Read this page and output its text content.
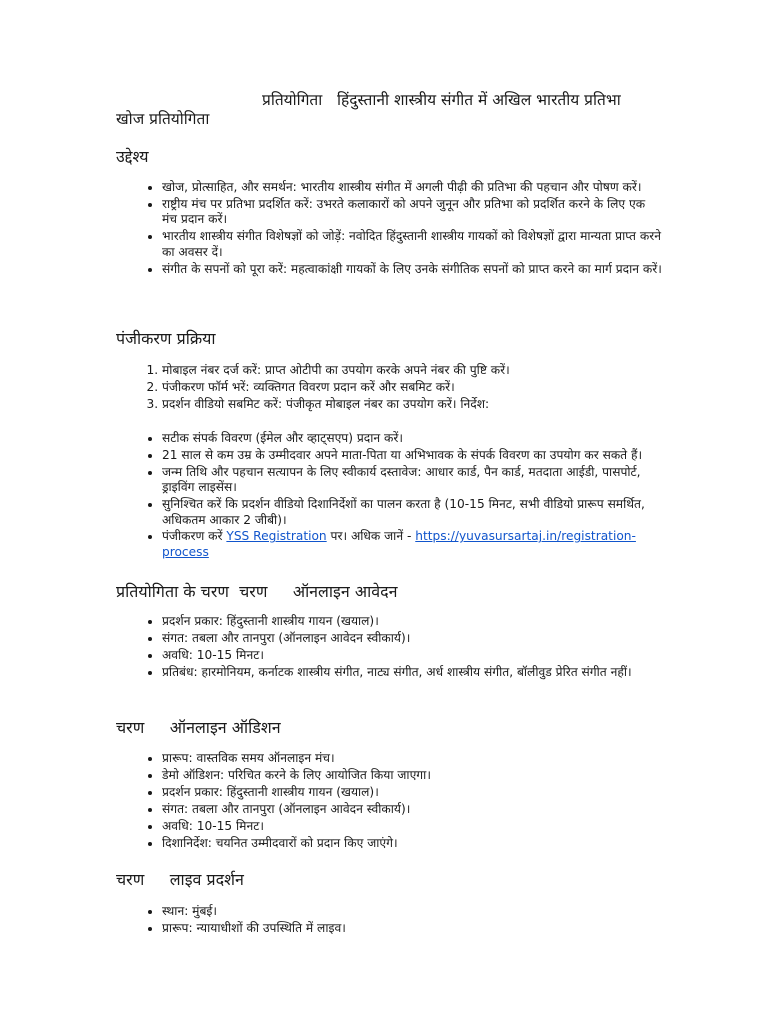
प्रतियोगिता   हिंदुस्तानी शास्त्रीय संगीत में अखिल भारतीय प्रतिभा
खोज प्रतियोगिता
उद्देश्य
• खोज, प्रोत्साहित, और समर्थन: भारतीय शास्त्रीय संगीत में अगली पीढ़ी की प्रतिभा की पहचान और पोषण करें।
• राष्ट्रीय मंच पर प्रतिभा प्रदर्शित करें: उभरते कलाकारों को अपने जुनून और प्रतिभा को प्रदर्शित करने के लिए एक मंच प्रदान करें।
• भारतीय शास्त्रीय संगीत विशेषज्ञों को जोड़ें: नवोदित हिंदुस्तानी शास्त्रीय गायकों को विशेषज्ञों द्वारा मान्यता प्राप्त करने का अवसर दें।
• संगीत के सपनों को पूरा करें: महत्वाकांक्षी गायकों के लिए उनके संगीतिक सपनों को प्राप्त करने का मार्ग प्रदान करें।
पंजीकरण प्रक्रिया
1. मोबाइल नंबर दर्ज करें: प्राप्त ओटीपी का उपयोग करके अपने नंबर की पुष्टि करें।
2. पंजीकरण फॉर्म भरें: व्यक्तिगत विवरण प्रदान करें और सबमिट करें।
3. प्रदर्शन वीडियो सबमिट करें: पंजीकृत मोबाइल नंबर का उपयोग करें। निर्देश:
• सटीक संपर्क विवरण (ईमेल और व्हाट्सएप) प्रदान करें।
• 21 साल से कम उम्र के उम्मीदवार अपने माता-पिता या अभिभावक के संपर्क विवरण का उपयोग कर सकते हैं।
• जन्म तिथि और पहचान सत्यापन के लिए स्वीकार्य दस्तावेज: आधार कार्ड, पैन कार्ड, मतदाता आईडी, पासपोर्ट, ड्राइविंग लाइसेंस।
• सुनिश्चित करें कि प्रदर्शन वीडियो दिशानिर्देशों का पालन करता है (10-15 मिनट, सभी वीडियो प्रारूप समर्थित, अधिकतम आकार 2 जीबी)।
• पंजीकरण करें YSS Registration पर। अधिक जानें - https://yuvasursartaj.in/registration-process
प्रतियोगिता के चरण  चरण     ऑनलाइन आवेदन
• प्रदर्शन प्रकार: हिंदुस्तानी शास्त्रीय गायन (खयाल)।
• संगत: तबला और तानपुरा (ऑनलाइन आवेदन स्वीकार्य)।
• अवधि: 10-15 मिनट।
• प्रतिबंध: हारमोनियम, कर्नाटक शास्त्रीय संगीत, नाट्य संगीत, अर्ध शास्त्रीय संगीत, बॉलीवुड प्रेरित संगीत नहीं।
चरण     ऑनलाइन ऑडिशन
• प्रारूप: वास्तविक समय ऑनलाइन मंच।
• डेमो ऑडिशन: परिचित करने के लिए आयोजित किया जाएगा।
• प्रदर्शन प्रकार: हिंदुस्तानी शास्त्रीय गायन (खयाल)।
• संगत: तबला और तानपुरा (ऑनलाइन आवेदन स्वीकार्य)।
• अवधि: 10-15 मिनट।
• दिशानिर्देश: चयनित उम्मीदवारों को प्रदान किए जाएंगे।
चरण     लाइव प्रदर्शन
• स्थान: मुंबई।
• प्रारूप: न्यायाधीशों की उपस्थिति में लाइव।
